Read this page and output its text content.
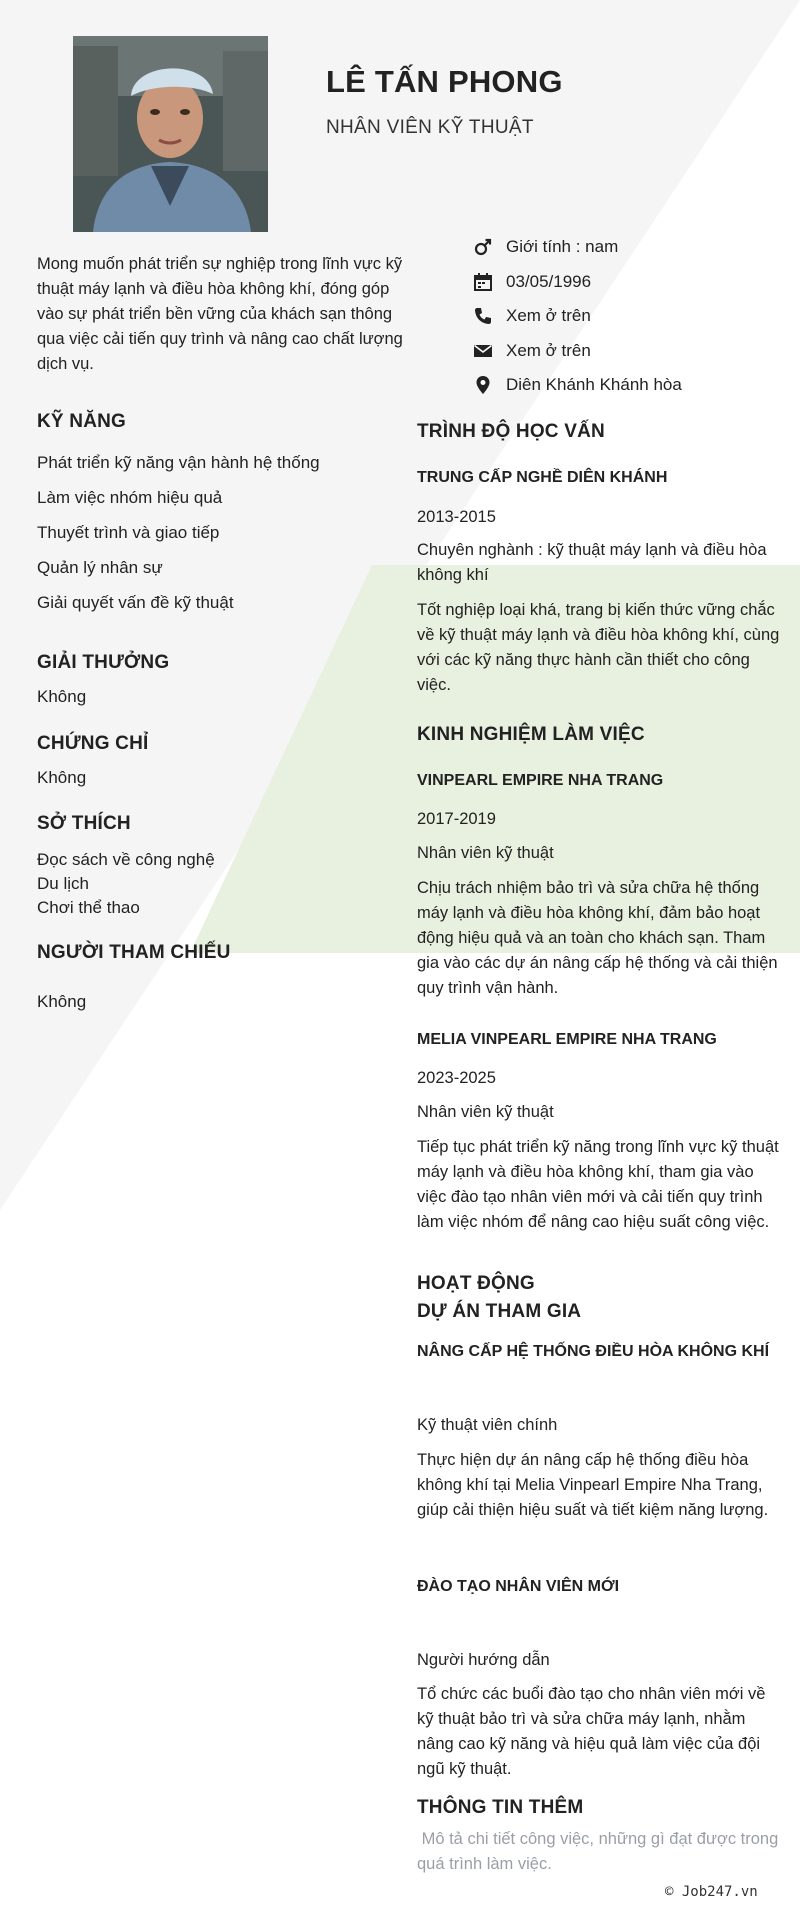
LÊ TẤN PHONG
NHÂN VIÊN KỸ THUẬT
Giới tính : nam
03/05/1996
Xem ở trên
Xem ở trên
Diên Khánh Khánh hòa
Mong muốn phát triển sự nghiệp trong lĩnh vực kỹ thuật máy lạnh và điều hòa không khí, đóng góp vào sự phát triển bền vững của khách sạn thông qua việc cải tiến quy trình và nâng cao chất lượng dịch vụ.
KỸ NĂNG
Phát triển kỹ năng vận hành hệ thống
Làm việc nhóm hiệu quả
Thuyết trình và giao tiếp
Quản lý nhân sự
Giải quyết vấn đề kỹ thuật
GIẢI THƯỞNG
Không
CHỨNG CHỈ
Không
SỞ THÍCH
Đọc sách về công nghệ
Du lịch
Chơi thể thao
NGƯỜI THAM CHIẾU
Không
TRÌNH ĐỘ HỌC VẤN
TRUNG CẤP NGHỀ DIÊN KHÁNH
2013-2015
Chuyên nghành : kỹ thuật máy lạnh và điều hòa không khí
Tốt nghiệp loại khá, trang bị kiến thức vững chắc về kỹ thuật máy lạnh và điều hòa không khí, cùng với các kỹ năng thực hành cần thiết cho công việc.
KINH NGHIỆM LÀM VIỆC
VINPEARL EMPIRE NHA TRANG
2017-2019
Nhân viên kỹ thuật
Chịu trách nhiệm bảo trì và sửa chữa hệ thống máy lạnh và điều hòa không khí, đảm bảo hoạt động hiệu quả và an toàn cho khách sạn. Tham gia vào các dự án nâng cấp hệ thống và cải thiện quy trình vận hành.
MELIA VINPEARL EMPIRE NHA TRANG
2023-2025
Nhân viên kỹ thuật
Tiếp tục phát triển kỹ năng trong lĩnh vực kỹ thuật máy lạnh và điều hòa không khí, tham gia vào việc đào tạo nhân viên mới và cải tiến quy trình làm việc nhóm để nâng cao hiệu suất công việc.
HOẠT ĐỘNG
DỰ ÁN THAM GIA
NÂNG CẤP HỆ THỐNG ĐIỀU HÒA KHÔNG KHÍ
Kỹ thuật viên chính
Thực hiện dự án nâng cấp hệ thống điều hòa không khí tại Melia Vinpearl Empire Nha Trang, giúp cải thiện hiệu suất và tiết kiệm năng lượng.
ĐÀO TẠO NHÂN VIÊN MỚI
Người hướng dẫn
Tổ chức các buổi đào tạo cho nhân viên mới về kỹ thuật bảo trì và sửa chữa máy lạnh, nhằm nâng cao kỹ năng và hiệu quả làm việc của đội ngũ kỹ thuật.
THÔNG TIN THÊM
Mô tả chi tiết công việc, những gì đạt được trong quá trình làm việc.
© Job247.vn
